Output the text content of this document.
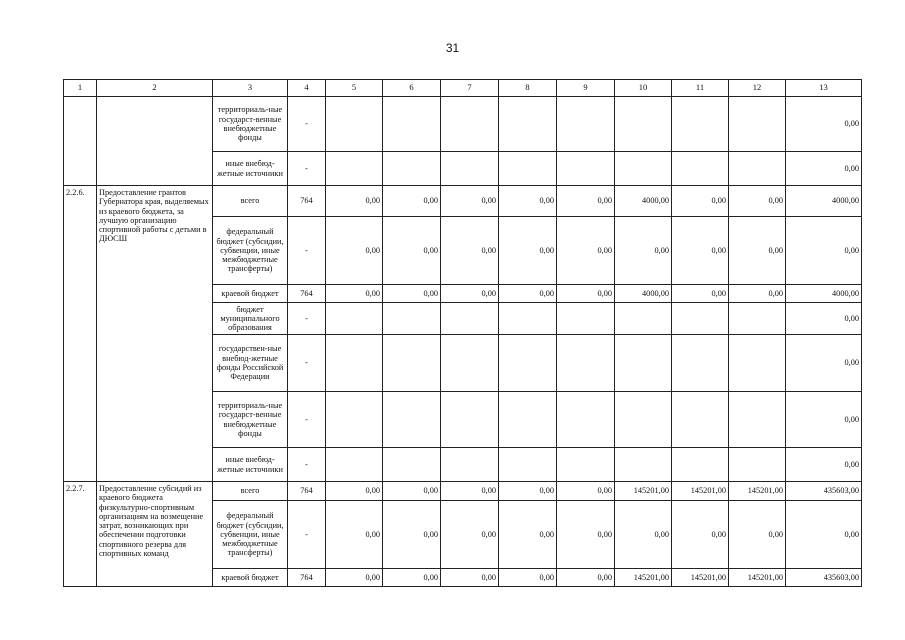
31
1	2	3	4	5	6	7	8	9	10	11	12	13
		территориаль-ные государст-венные внебюджетные фонды	-									0,00
		иные внебюд-жетные источники	-									0,00
2.2.6.	Предоставление грантов Губернатора края, выделяемых из краевого бюджета, за лучшую организацию спортивной работы с детьми в ДЮСШ	всего	764	0,00	0,00	0,00	0,00	0,00	4000,00	0,00	0,00	4000,00
		федеральный бюджет (субсидии, субвенции, иные межбюджетные трансферты)	-	0,00	0,00	0,00	0,00	0,00	0,00	0,00	0,00	0,00
		краевой бюджет	764	0,00	0,00	0,00	0,00	0,00	4000,00	0,00	0,00	4000,00
		бюджет муниципального образования	-									0,00
		государствен-ные внебюд-жетные фонды Российской Федерации	-									0,00
		территориаль-ные государст-венные внебюджетные фонды	-									0,00
		иные внебюд-жетные источники	-									0,00
2.2.7.	Предоставление субсидий из краевого бюджета физкультурно-спортивным организациям на возмещение затрат, возникающих при обеспечении подготовки спортивного резерва для спортивных команд	всего	764	0,00	0,00	0,00	0,00	0,00	145201,00	145201,00	145201,00	435603,00
		федеральный бюджет (субсидии, субвенции, иные межбюджетные трансферты)	-	0,00	0,00	0,00	0,00	0,00	0,00	0,00	0,00	0,00
		краевой бюджет	764	0,00	0,00	0,00	0,00	0,00	145201,00	145201,00	145201,00	435603,00
